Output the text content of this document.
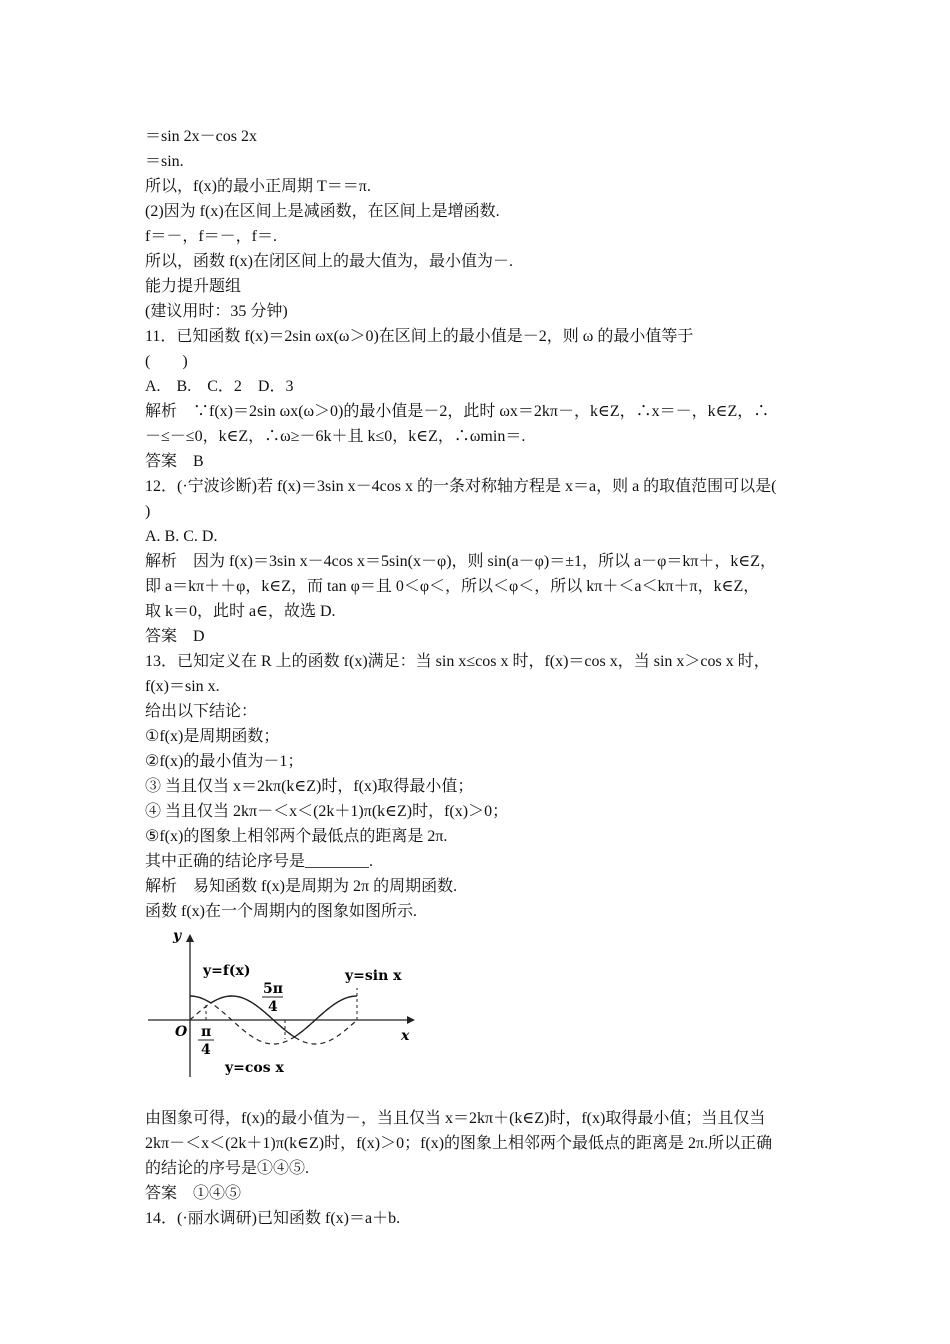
＝sin 2x－cos 2x
＝sin.
所以，f(x)的最小正周期 T＝＝π.
(2)因为 f(x)在区间上是减函数，在区间上是增函数.
f＝－，f＝－，f＝.
所以，函数 f(x)在闭区间上的最大值为，最小值为－.
能力提升题组
(建议用时：35 分钟)
11．已知函数 f(x)＝2sin ωx(ω＞0)在区间上的最小值是－2，则 ω 的最小值等于
(　　)
A.　B.　C．2　D．3
解析　∵f(x)＝2sin ωx(ω＞0)的最小值是－2，此时 ωx＝2kπ－，k∈Z，∴x＝－，k∈Z，∴
－≤－≤0，k∈Z，∴ω≥－6k＋且 k≤0，k∈Z，∴ωmin＝.
答案　B
12．(·宁波诊断)若 f(x)＝3sin x－4cos x 的一条对称轴方程是 x＝a，则 a 的取值范围可以是(
)
A. B. C. D.
解析　因为 f(x)＝3sin x－4cos x＝5sin(x－φ)，则 sin(a－φ)＝±1，所以 a－φ＝kπ＋，k∈Z，
即 a＝kπ＋＋φ，k∈Z，而 tan φ＝且 0＜φ＜，所以＜φ＜，所以 kπ＋＜a＜kπ＋π，k∈Z，
取 k＝0，此时 a∈，故选 D.
答案　D
13．已知定义在 R 上的函数 f(x)满足：当 sin x≤cos x 时，f(x)＝cos x，当 sin x＞cos x 时，
f(x)＝sin x.
给出以下结论：
①f(x)是周期函数；
②f(x)的最小值为－1；
③ 当且仅当 x＝2kπ(k∈Z)时，f(x)取得最小值；
④ 当且仅当 2kπ－＜x＜(2k＋1)π(k∈Z)时，f(x)＞0；
⑤f(x)的图象上相邻两个最低点的距离是 2π.
其中正确的结论序号是________.
解析　易知函数 f(x)是周期为 2π 的周期函数.
函数 f(x)在一个周期内的图象如图所示.
y
x
O
y=f(x)	y=sin x
y=cos x
π
4
5π
4
由图象可得，f(x)的最小值为－，当且仅当 x＝2kπ＋(k∈Z)时，f(x)取得最小值；当且仅当
2kπ－＜x＜(2k＋1)π(k∈Z)时，f(x)＞0；f(x)的图象上相邻两个最低点的距离是 2π.所以正确
的结论的序号是①④⑤.
答案　①④⑤
14．(·丽水调研)已知函数 f(x)＝a＋b.
